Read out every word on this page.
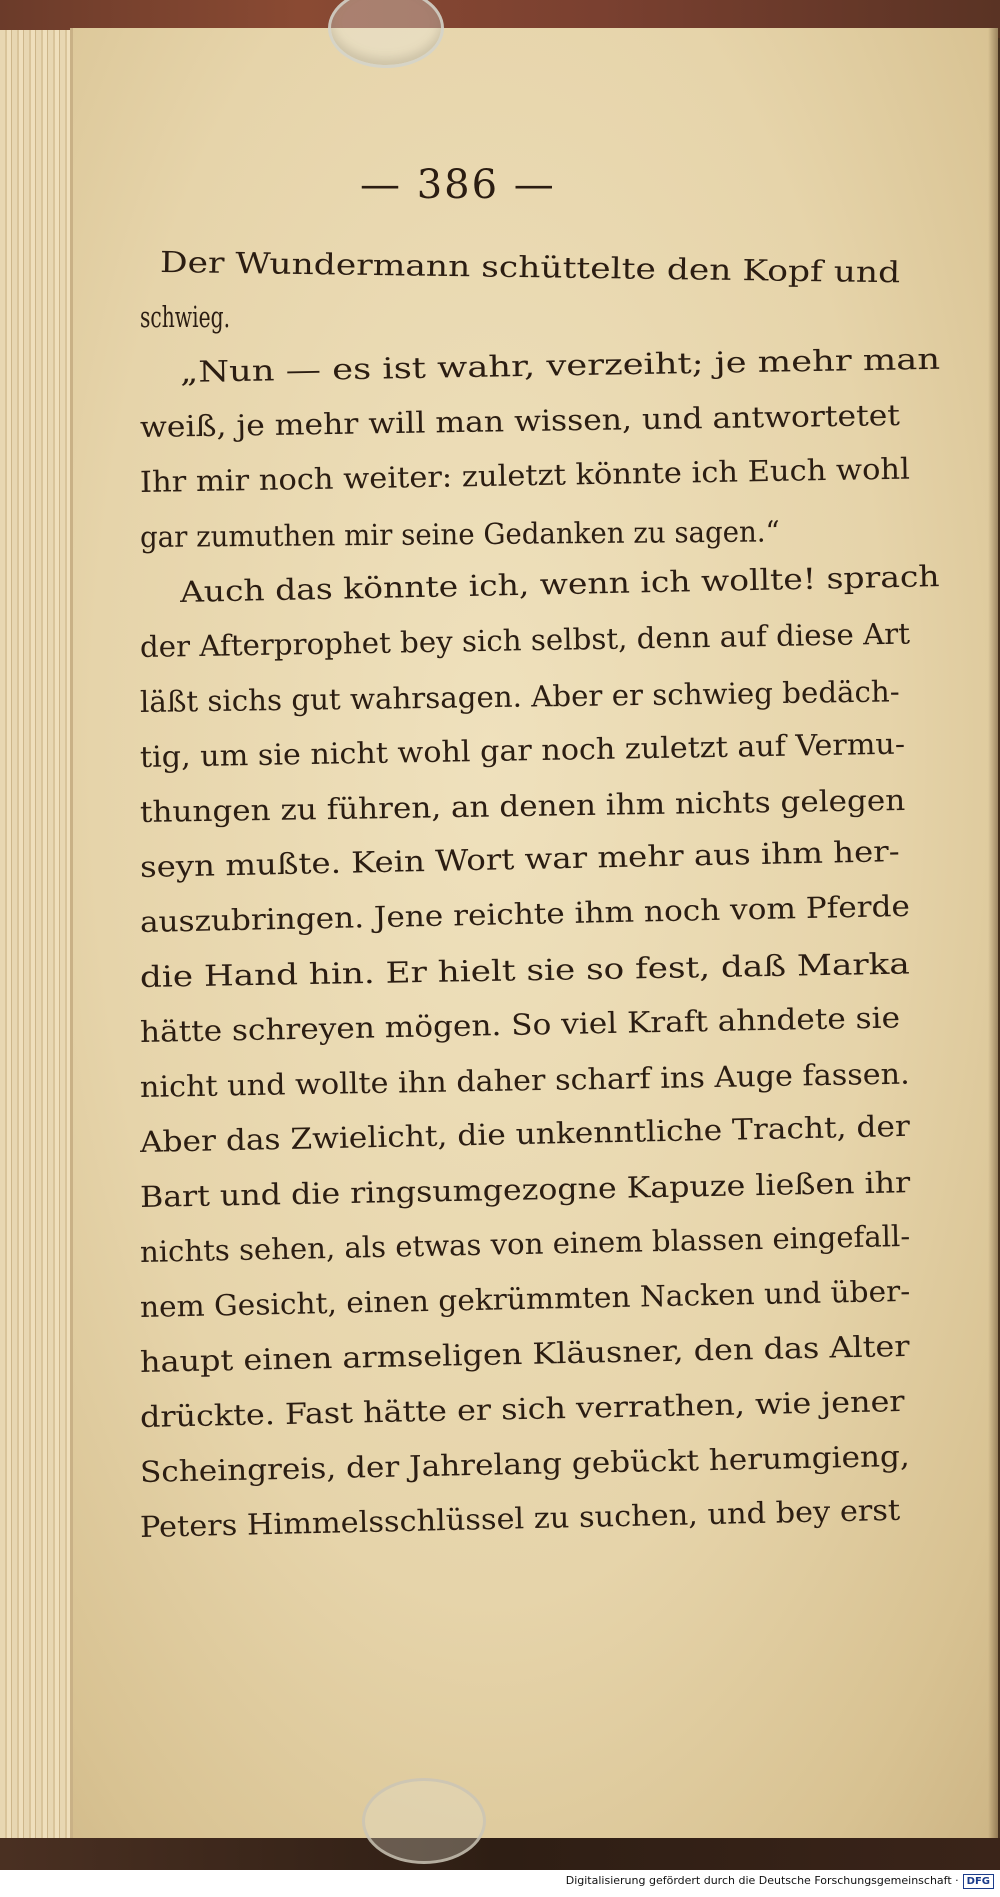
— 386 —
Der Wundermann schüttelte den Kopf und
schwieg.
„Nun — es ist wahr, verzeiht; je mehr man
weiß, je mehr will man wissen, und antwortetet
Ihr mir noch weiter: zuletzt könnte ich Euch wohl
gar zumuthen mir seine Gedanken zu sagen.“
Auch das könnte ich, wenn ich wollte! sprach
der Afterprophet bey sich selbst, denn auf diese Art
läßt sichs gut wahrsagen. Aber er schwieg bedäch-
tig, um sie nicht wohl gar noch zuletzt auf Vermu-
thungen zu führen, an denen ihm nichts gelegen
seyn mußte. Kein Wort war mehr aus ihm her-
auszubringen. Jene reichte ihm noch vom Pferde
die Hand hin. Er hielt sie so fest, daß Marka
hätte schreyen mögen. So viel Kraft ahndete sie
nicht und wollte ihn daher scharf ins Auge fassen.
Aber das Zwielicht, die unkenntliche Tracht, der
Bart und die ringsumgezogne Kapuze ließen ihr
nichts sehen, als etwas von einem blassen eingefall-
nem Gesicht, einen gekrümmten Nacken und über-
haupt einen armseligen Kläusner, den das Alter
drückte. Fast hätte er sich verrathen, wie jener
Scheingreis, der Jahrelang gebückt herumgieng,
Peters Himmelsschlüssel zu suchen, und bey erst
Digitalisierung gefördert durch die Deutsche Forschungsgemeinschaft · DFG
